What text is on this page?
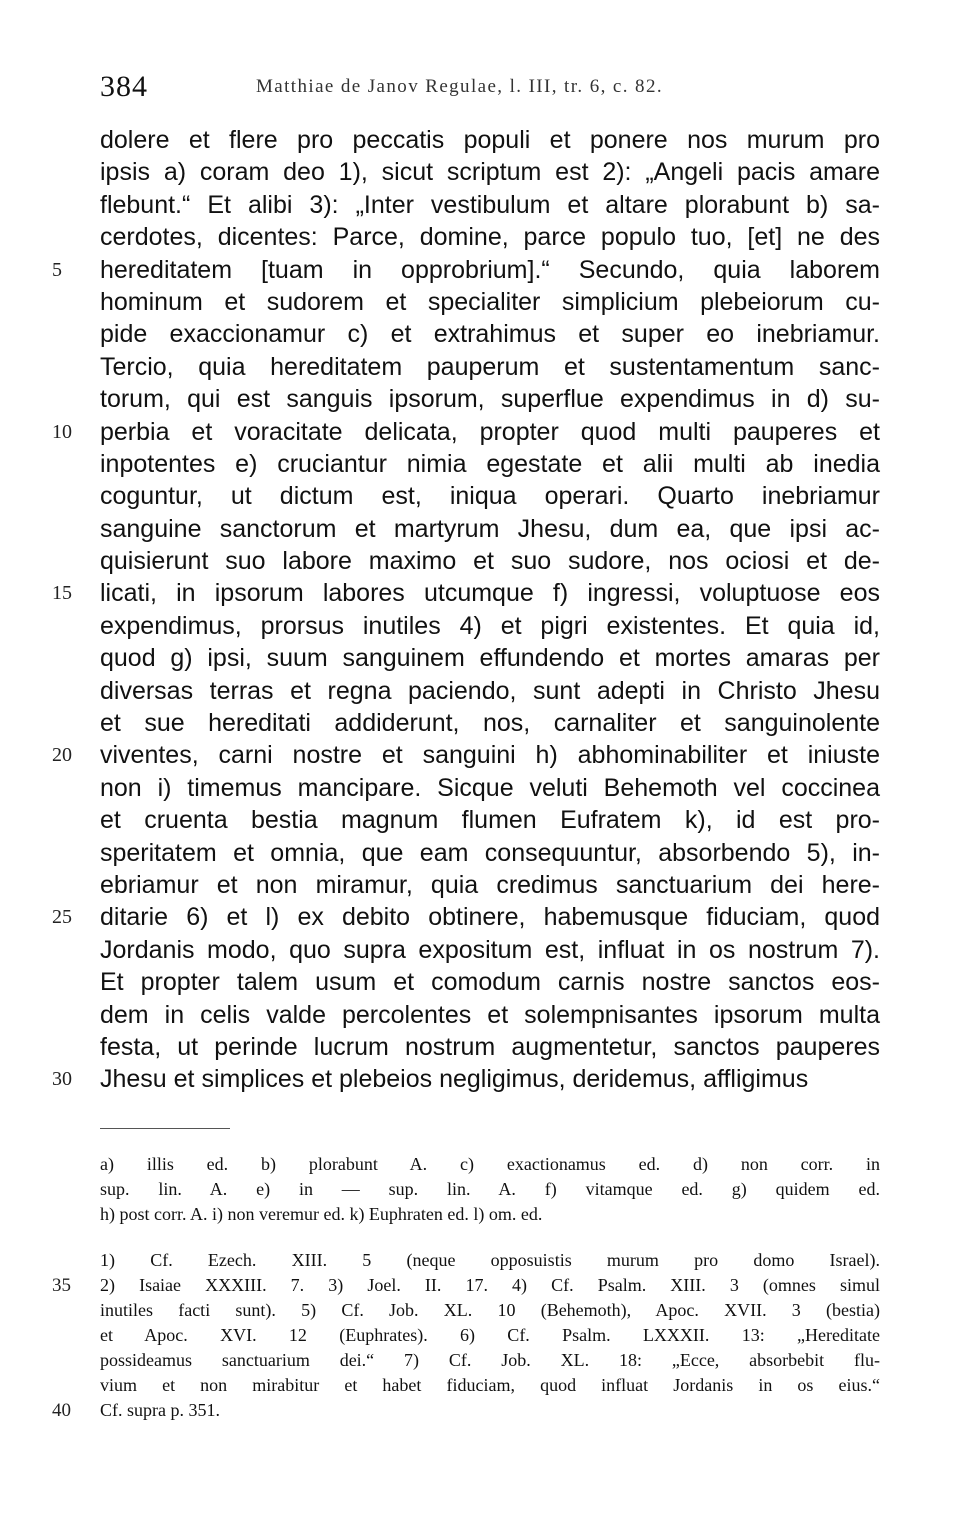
384	Matthiae de Janov Regulae, l. III, tr. 6, c. 82.
dolere et flere pro peccatis populi et ponere nos murum pro
ipsis a) coram deo 1), sicut scriptum est 2): „Angeli pacis amare
flebunt.“ Et alibi 3): „Inter vestibulum et altare plorabunt b) sa-
cerdotes, dicentes: Parce, domine, parce populo tuo, [et] ne des
5	hereditatem [tuam in opprobrium].“ Secundo, quia laborem
hominum et sudorem et specialiter simplicium plebeiorum cu-
pide exaccionamur c) et extrahimus et super eo inebriamur.
Tercio, quia hereditatem pauperum et sustentamentum sanc-
torum, qui est sanguis ipsorum, superflue expendimus in d) su-
10	perbia et voracitate delicata, propter quod multi pauperes et
inpotentes e) cruciantur nimia egestate et alii multi ab inedia
coguntur, ut dictum est, iniqua operari. Quarto inebriamur
sanguine sanctorum et martyrum Jhesu, dum ea, que ipsi ac-
quisierunt suo labore maximo et suo sudore, nos ociosi et de-
15	licati, in ipsorum labores utcumque f) ingressi, voluptuose eos
expendimus, prorsus inutiles 4) et pigri existentes. Et quia id,
quod g) ipsi, suum sanguinem effundendo et mortes amaras per
diversas terras et regna paciendo, sunt adepti in Christo Jhesu
et sue hereditati addiderunt, nos, carnaliter et sanguinolente
20	viventes, carni nostre et sanguini h) abhominabiliter et iniuste
non i) timemus mancipare. Sicque veluti Behemoth vel coccinea
et cruenta bestia magnum flumen Eufratem k), id est pro-
speritatem et omnia, que eam consequuntur, absorbendo 5), in-
ebriamur et non miramur, quia credimus sanctuarium dei here-
25	ditarie 6) et l) ex debito obtinere, habemusque fiduciam, quod
Jordanis modo, quo supra expositum est, influat in os nostrum 7).
Et propter talem usum et comodum carnis nostre sanctos eos-
dem in celis valde percolentes et solempnisantes ipsorum multa
festa, ut perinde lucrum nostrum augmentetur, sanctos pauperes
30	Jhesu et simplices et plebeios negligimus, deridemus, affligimus
a) illis ed. b) plorabunt A. c) exactionamus ed. d) non corr. in
sup. lin. A. e) in — sup. lin. A. f) vitamque ed. g) quidem ed.
h) post corr. A. i) non veremur ed. k) Euphraten ed. l) om. ed.
1) Cf. Ezech. XIII. 5 (neque opposuistis murum pro domo Israel).
35	2) Isaiae XXXIII. 7. 3) Joel. II. 17. 4) Cf. Psalm. XIII. 3 (omnes simul
inutiles facti sunt). 5) Cf. Job. XL. 10 (Behemoth), Apoc. XVII. 3 (bestia)
et Apoc. XVI. 12 (Euphrates). 6) Cf. Psalm. LXXXII. 13: „Hereditate
possideamus sanctuarium dei.“ 7) Cf. Job. XL. 18: „Ecce, absorbebit flu-
vium et non mirabitur et habet fiduciam, quod influat Jordanis in os eius.“
40	Cf. supra p. 351.
